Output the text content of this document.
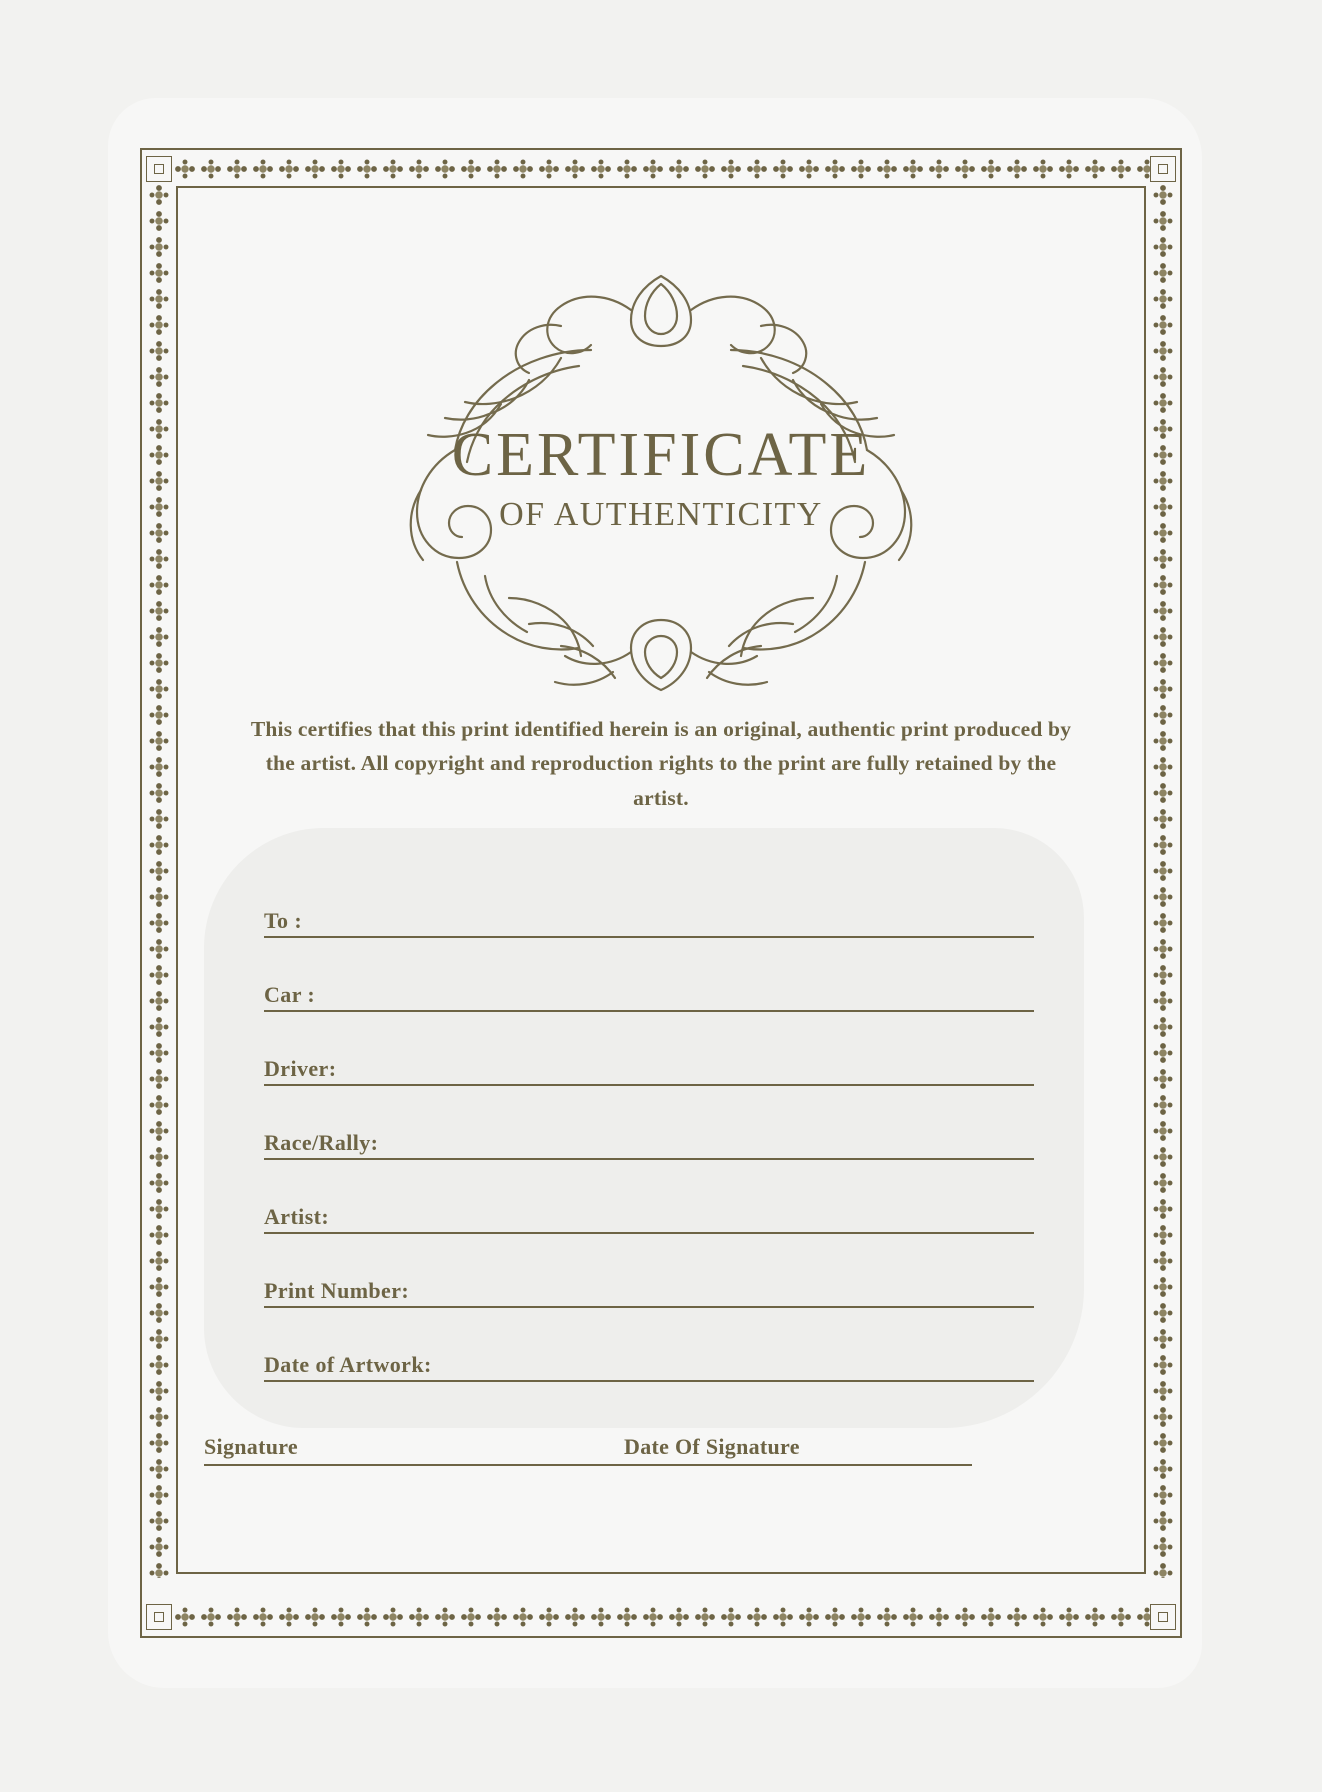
CERTIFICATE
OF AUTHENTICITY
This certifies that this print identified herein is an original, authentic print produced by the artist. All copyright and reproduction rights to the print are fully retained by the artist.
To :
Car :
Driver:
Race/Rally:
Artist:
Print Number:
Date of Artwork:
Signature	Date Of Signature
